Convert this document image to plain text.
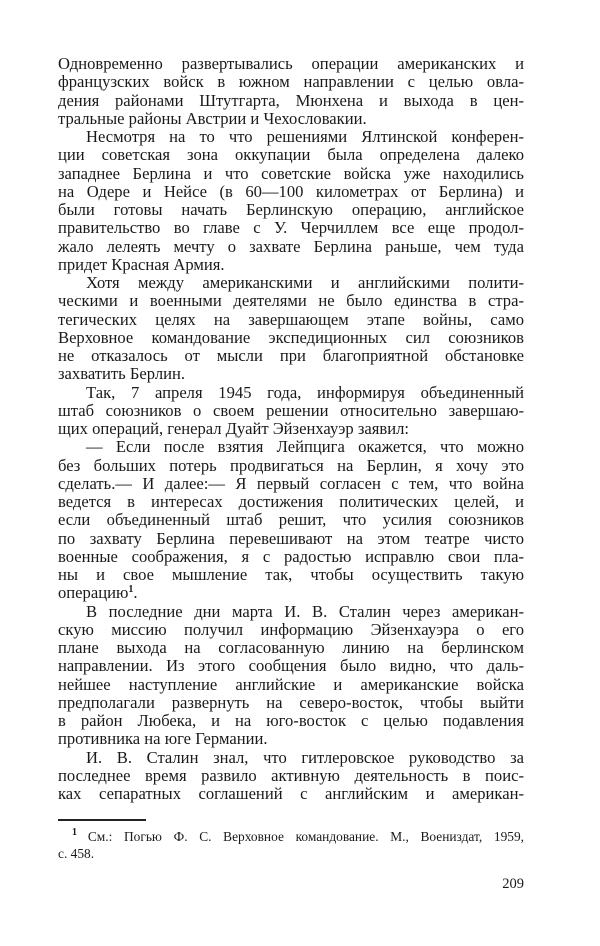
Одновременно развертывались операции американских и
французских войск в южном направлении с целью овла-
дения районами Штутгарта, Мюнхена и выхода в цен-
тральные районы Австрии и Чехословакии.
Несмотря на то что решениями Ялтинской конферен-
ции советская зона оккупации была определена далеко
западнее Берлина и что советские войска уже находились
на Одере и Нейсе (в 60—100 километрах от Берлина) и
были готовы начать Берлинскую операцию, английское
правительство во главе с У. Черчиллем все еще продол-
жало лелеять мечту о захвате Берлина раньше, чем туда
придет Красная Армия.
Хотя между американскими и английскими полити-
ческими и военными деятелями не было единства в стра-
тегических целях на завершающем этапе войны, само
Верховное командование экспедиционных сил союзников
не отказалось от мысли при благоприятной обстановке
захватить Берлин.
Так, 7 апреля 1945 года, информируя объединенный
штаб союзников о своем решении относительно завершаю-
щих операций, генерал Дуайт Эйзенхауэр заявил:
— Если после взятия Лейпцига окажется, что можно
без больших потерь продвигаться на Берлин, я хочу это
сделать.— И далее:— Я первый согласен с тем, что война
ведется в интересах достижения политических целей, и
если объединенный штаб решит, что усилия союзников
по захвату Берлина перевешивают на этом театре чисто
военные соображения, я с радостью исправлю свои пла-
ны и свое мышление так, чтобы осуществить такую
операцию$^1$.
В последние дни марта И. В. Сталин через американ-
скую миссию получил информацию Эйзенхауэра о его
плане выхода на согласованную линию на берлинском
направлении. Из этого сообщения было видно, что даль-
нейшее наступление английские и американские войска
предполагали развернуть на северо-восток, чтобы выйти
в район Любека, и на юго-восток с целью подавления
противника на юге Германии.
И. В. Сталин знал, что гитлеровское руководство за
последнее время развило активную деятельность в поис-
ках сепаратных соглашений с английским и американ-
$^1$ См.: Погью Ф. С. Верховное командование. М., Воениздат, 1959,
с. 458.
209
